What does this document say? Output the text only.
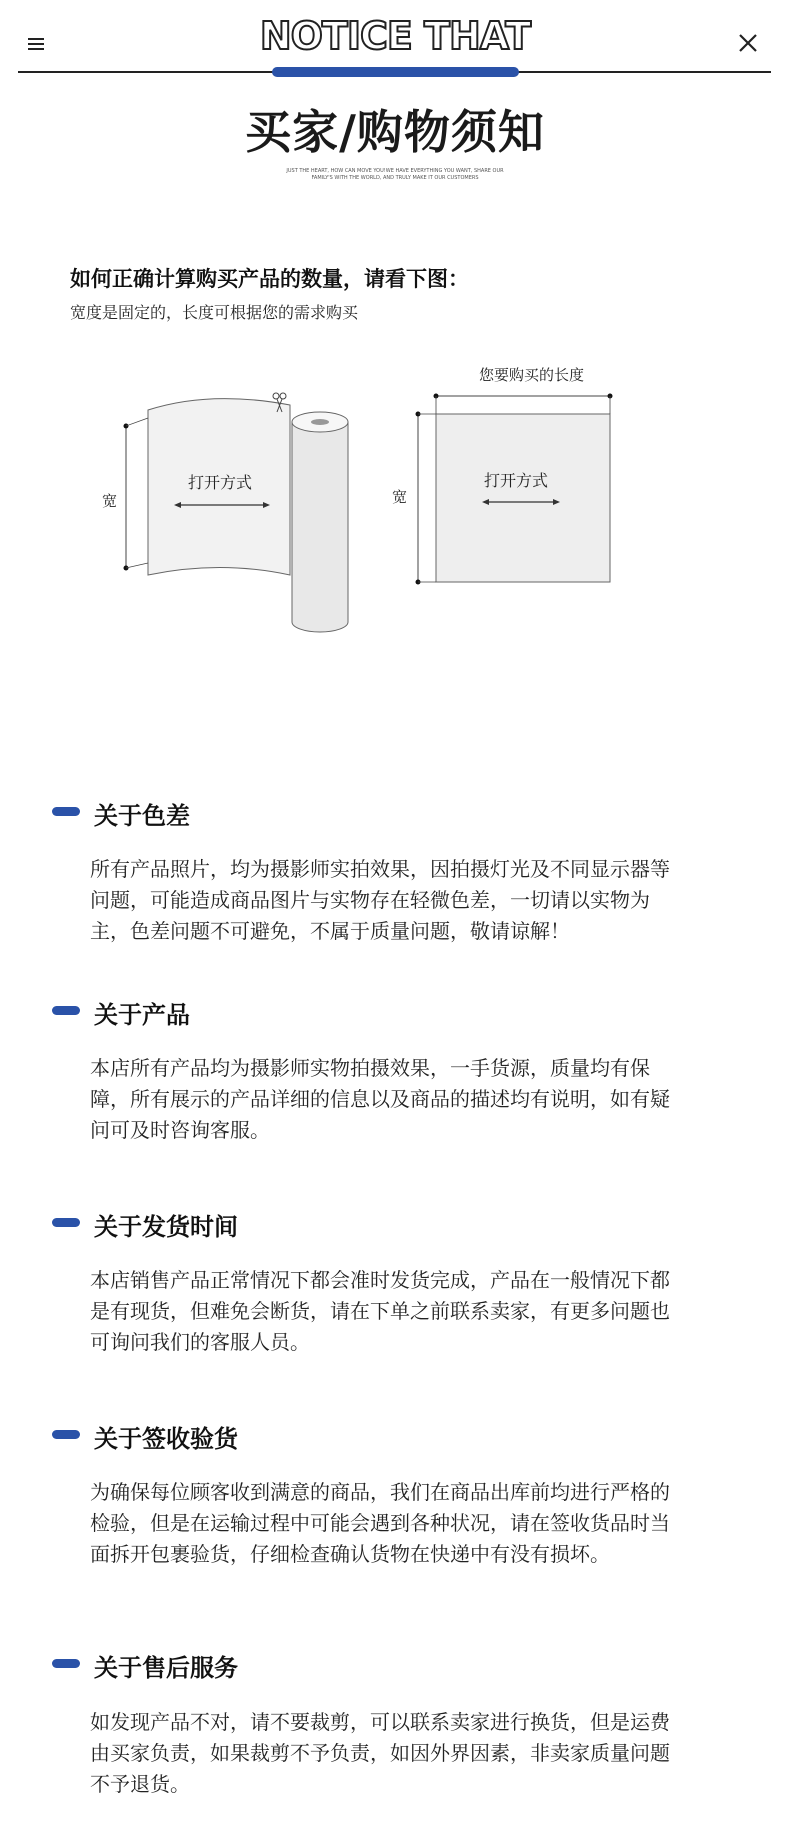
NOTICE THAT
买家/购物须知
JUST THE HEART, HOW CAN MOVE YOU!WE HAVE EVERYTHING YOU WANT, SHARE OUR
FAMILY'S WITH THE WORLD, AND TRULY MAKE IT OUR CUSTOMERS
如何正确计算购买产品的数量，请看下图：
宽度是固定的，长度可根据您的需求购买
宽
打开方式
您要购买的长度
宽
打开方式
关于色差
所有产品照片，均为摄影师实拍效果，因拍摄灯光及不同显示器等
问题，可能造成商品图片与实物存在轻微色差，一切请以实物为
主，色差问题不可避免，不属于质量问题，敬请谅解！
关于产品
本店所有产品均为摄影师实物拍摄效果，一手货源，质量均有保
障，所有展示的产品详细的信息以及商品的描述均有说明，如有疑
问可及时咨询客服。
关于发货时间
本店销售产品正常情况下都会准时发货完成，产品在一般情况下都
是有现货，但难免会断货，请在下单之前联系卖家，有更多问题也
可询问我们的客服人员。
关于签收验货
为确保每位顾客收到满意的商品，我们在商品出库前均进行严格的
检验，但是在运输过程中可能会遇到各种状况，请在签收货品时当
面拆开包裹验货，仔细检查确认货物在快递中有没有损坏。
关于售后服务
如发现产品不对，请不要裁剪，可以联系卖家进行换货，但是运费
由买家负责，如果裁剪不予负责，如因外界因素，非卖家质量问题
不予退货。
